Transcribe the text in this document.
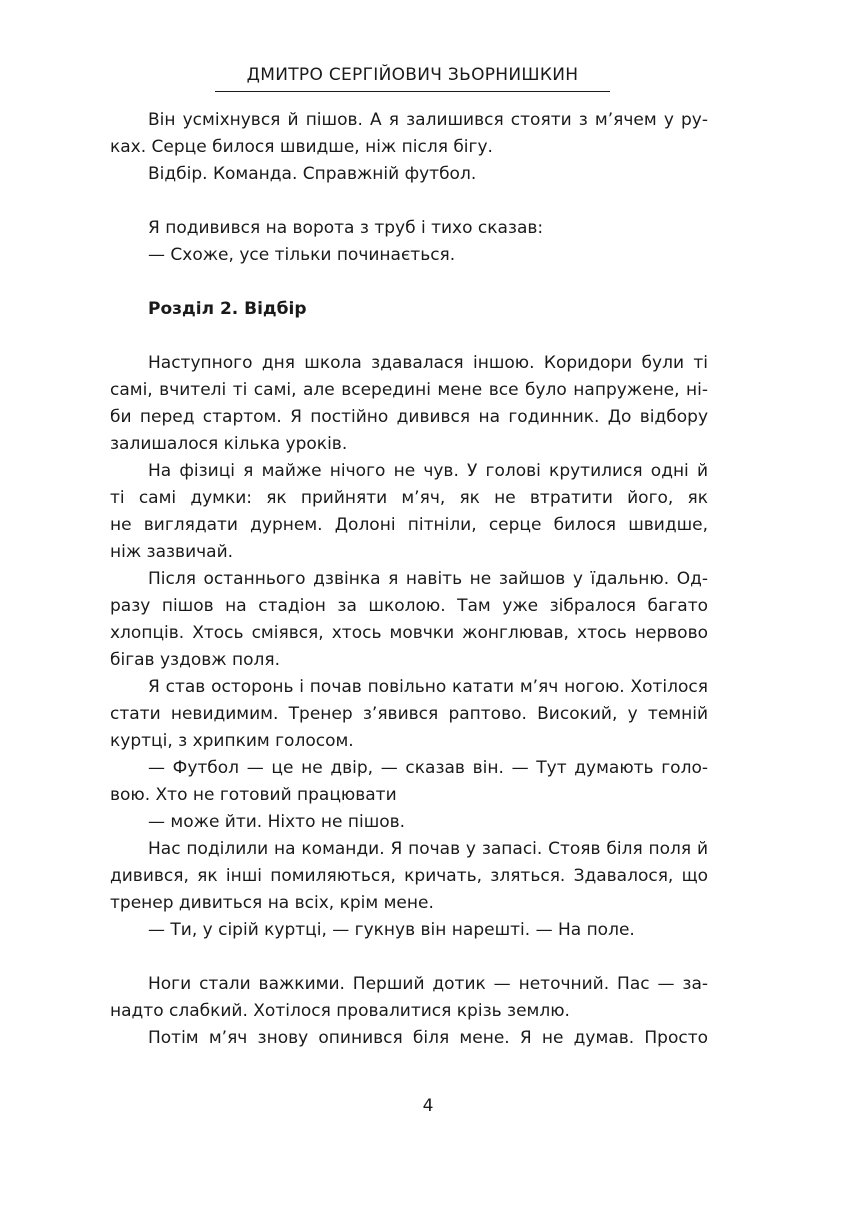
ДМИТРО СЕРГІЙОВИЧ ЗЬОРНИШКИН
Він усміхнувся й пішов. А я залишився стояти з м’ячем у ру-
ках. Серце билося швидше, ніж після бігу.
Відбір. Команда. Справжній футбол.
Я подивився на ворота з труб і тихо сказав:
— Схоже, усе тільки починається.
Розділ 2. Відбір
Наступного дня школа здавалася іншою. Коридори були ті
самі, вчителі ті самі, але всередині мене все було напружене, ні-
би перед стартом. Я постійно дивився на годинник. До відбору
залишалося кілька уроків.
На фізиці я майже нічого не чув. У голові крутилися одні й
ті самі думки: як прийняти м’яч, як не втратити його, як
не виглядати дурнем. Долоні пітніли, серце билося швидше,
ніж зазвичай.
Після останнього дзвінка я навіть не зайшов у їдальню. Од-
разу пішов на стадіон за школою. Там уже зібралося багато
хлопців. Хтось сміявся, хтось мовчки жонглював, хтось нервово
бігав уздовж поля.
Я став осторонь і почав повільно катати м’яч ногою. Хотілося
стати невидимим. Тренер з’явився раптово. Високий, у темній
куртці, з хрипким голосом.
— Футбол — це не двір, — сказав він. — Тут думають голо-
вою. Хто не готовий працювати
— може йти. Ніхто не пішов.
Нас поділили на команди. Я почав у запасі. Стояв біля поля й
дивився, як інші помиляються, кричать, зляться. Здавалося, що
тренер дивиться на всіх, крім мене.
— Ти, у сірій куртці, — гукнув він нарешті. — На поле.
Ноги стали важкими. Перший дотик — неточний. Пас — за-
надто слабкий. Хотілося провалитися крізь землю.
Потім м’яч знову опинився біля мене. Я не думав. Просто
4
